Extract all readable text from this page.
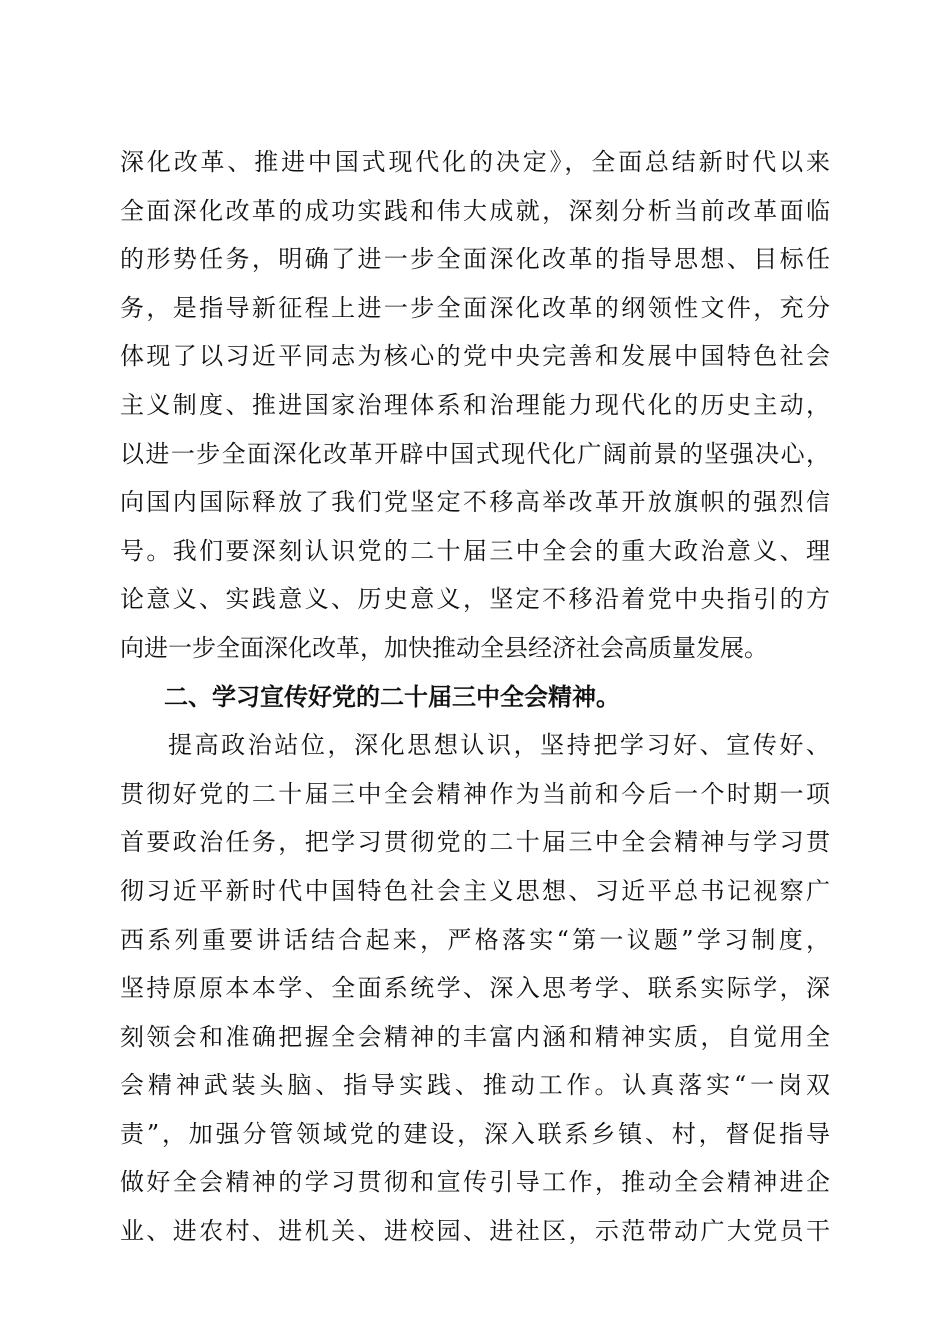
深化改革、推进中国式现代化的决定》，全面总结新时代以来
全面深化改革的成功实践和伟大成就，深刻分析当前改革面临
的形势任务，明确了进一步全面深化改革的指导思想、目标任
务，是指导新征程上进一步全面深化改革的纲领性文件，充分
体现了以习近平同志为核心的党中央完善和发展中国特色社会
主义制度、推进国家治理体系和治理能力现代化的历史主动，
以进一步全面深化改革开辟中国式现代化广阔前景的坚强决心，
向国内国际释放了我们党坚定不移高举改革开放旗帜的强烈信
号。我们要深刻认识党的二十届三中全会的重大政治意义、理
论意义、实践意义、历史意义，坚定不移沿着党中央指引的方
向进一步全面深化改革，加快推动全县经济社会高质量发展。
二、学习宣传好党的二十届三中全会精神。
提高政治站位，深化思想认识，坚持把学习好、宣传好、
贯彻好党的二十届三中全会精神作为当前和今后一个时期一项
首要政治任务，把学习贯彻党的二十届三中全会精神与学习贯
彻习近平新时代中国特色社会主义思想、习近平总书记视察广
西系列重要讲话结合起来，严格落实“第一议题”学习制度，
坚持原原本本学、全面系统学、深入思考学、联系实际学，深
刻领会和准确把握全会精神的丰富内涵和精神实质，自觉用全
会精神武装头脑、指导实践、推动工作。认真落实“一岗双
责”，加强分管领域党的建设，深入联系乡镇、村，督促指导
做好全会精神的学习贯彻和宣传引导工作，推动全会精神进企
业、进农村、进机关、进校园、进社区，示范带动广大党员干
